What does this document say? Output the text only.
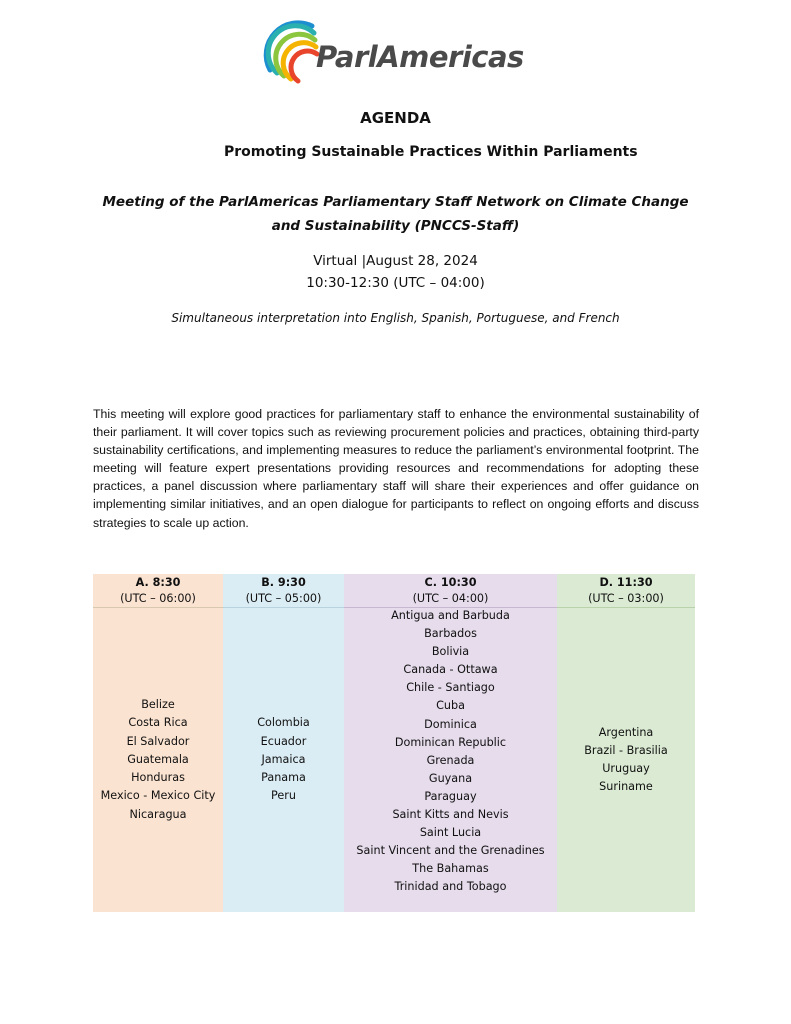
ParlAmericas
AGENDA
Promoting Sustainable Practices Within Parliaments
Meeting of the ParlAmericas Parliamentary Staff Network on Climate Change and Sustainability (PNCCS-Staff)
Virtual |August 28, 2024
10:30-12:30 (UTC – 04:00)
Simultaneous interpretation into English, Spanish, Portuguese, and French

This meeting will explore good practices for parliamentary staff to enhance the environmental sustainability of their parliament. It will cover topics such as reviewing procurement policies and practices, obtaining third-party sustainability certifications, and implementing measures to reduce the parliament’s environmental footprint. The meeting will feature expert presentations providing resources and recommendations for adopting these practices, a panel discussion where parliamentary staff will share their experiences and offer guidance on implementing similar initiatives, and an open dialogue for participants to reflect on ongoing efforts and discuss strategies to scale up action.

A. 8:30
(UTC – 06:00)
Belize
Costa Rica
El Salvador
Guatemala
Honduras
Mexico - Mexico City
Nicaragua
B. 9:30
(UTC – 05:00)
Colombia
Ecuador
Jamaica
Panama
Peru
C. 10:30
(UTC – 04:00)
Antigua and Barbuda
Barbados
Bolivia
Canada - Ottawa
Chile - Santiago
Cuba
Dominica
Dominican Republic
Grenada
Guyana
Paraguay
Saint Kitts and Nevis
Saint Lucia
Saint Vincent and the Grenadines
The Bahamas
Trinidad and Tobago
D. 11:30
(UTC – 03:00)
Argentina
Brazil - Brasilia
Uruguay
Suriname
